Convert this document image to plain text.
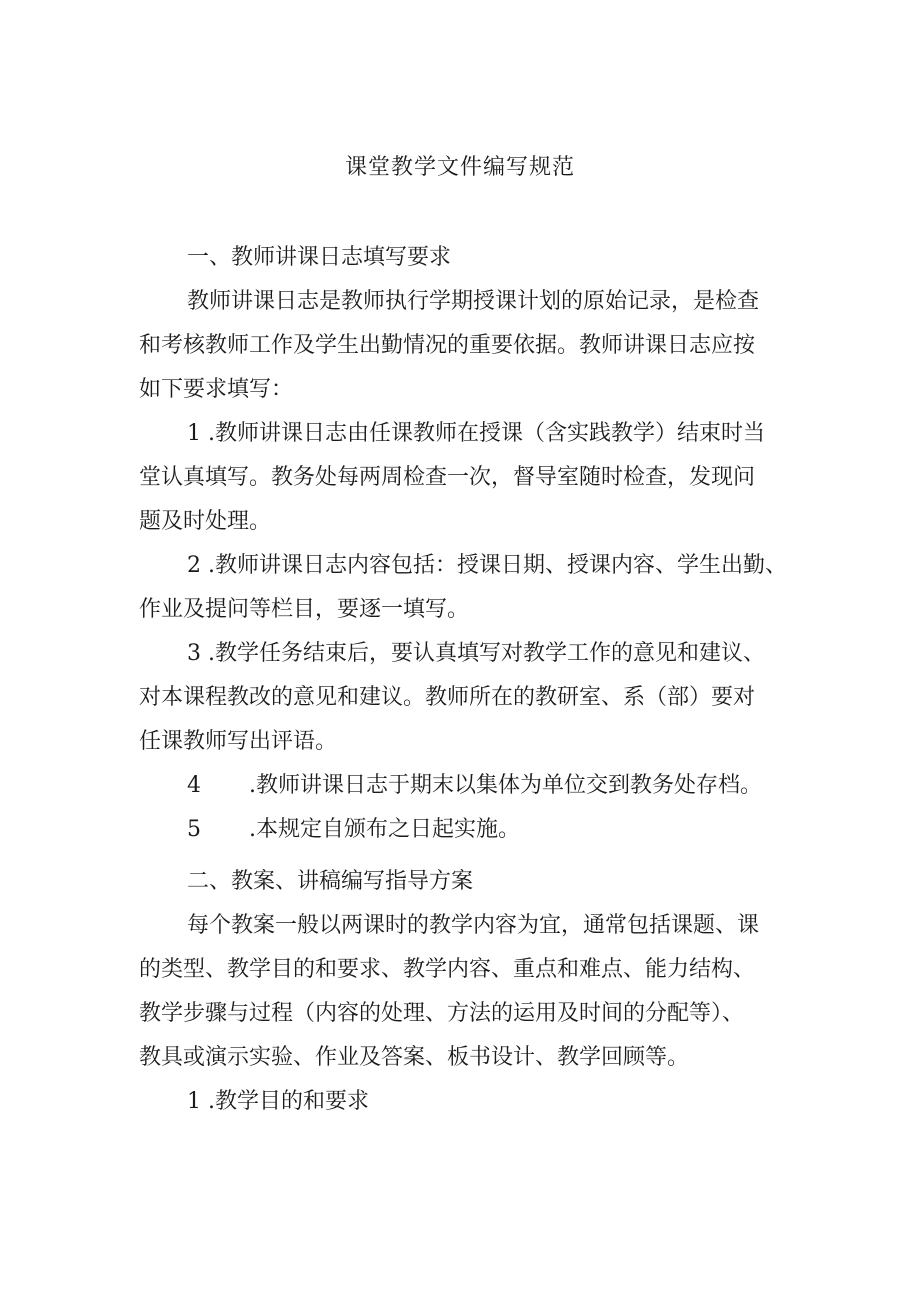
课堂教学文件编写规范
一、教师讲课日志填写要求
教师讲课日志是教师执行学期授课计划的原始记录，是检查
和考核教师工作及学生出勤情况的重要依据。教师讲课日志应按
如下要求填写：
1 .教师讲课日志由任课教师在授课（含实践教学）结束时当
堂认真填写。教务处每两周检查一次，督导室随时检查，发现问
题及时处理。
2 .教师讲课日志内容包括：授课日期、授课内容、学生出勤、
作业及提问等栏目，要逐一填写。
3 .教学任务结束后，要认真填写对教学工作的意见和建议、
对本课程教改的意见和建议。教师所在的教研室、系（部）要对
任课教师写出评语。
4 .教师讲课日志于期末以集体为单位交到教务处存档。
5 .本规定自颁布之日起实施。
二、教案、讲稿编写指导方案
每个教案一般以两课时的教学内容为宜，通常包括课题、课
的类型、教学目的和要求、教学内容、重点和难点、能力结构、
教学步骤与过程（内容的处理、方法的运用及时间的分配等）、
教具或演示实验、作业及答案、板书设计、教学回顾等。
1 .教学目的和要求
